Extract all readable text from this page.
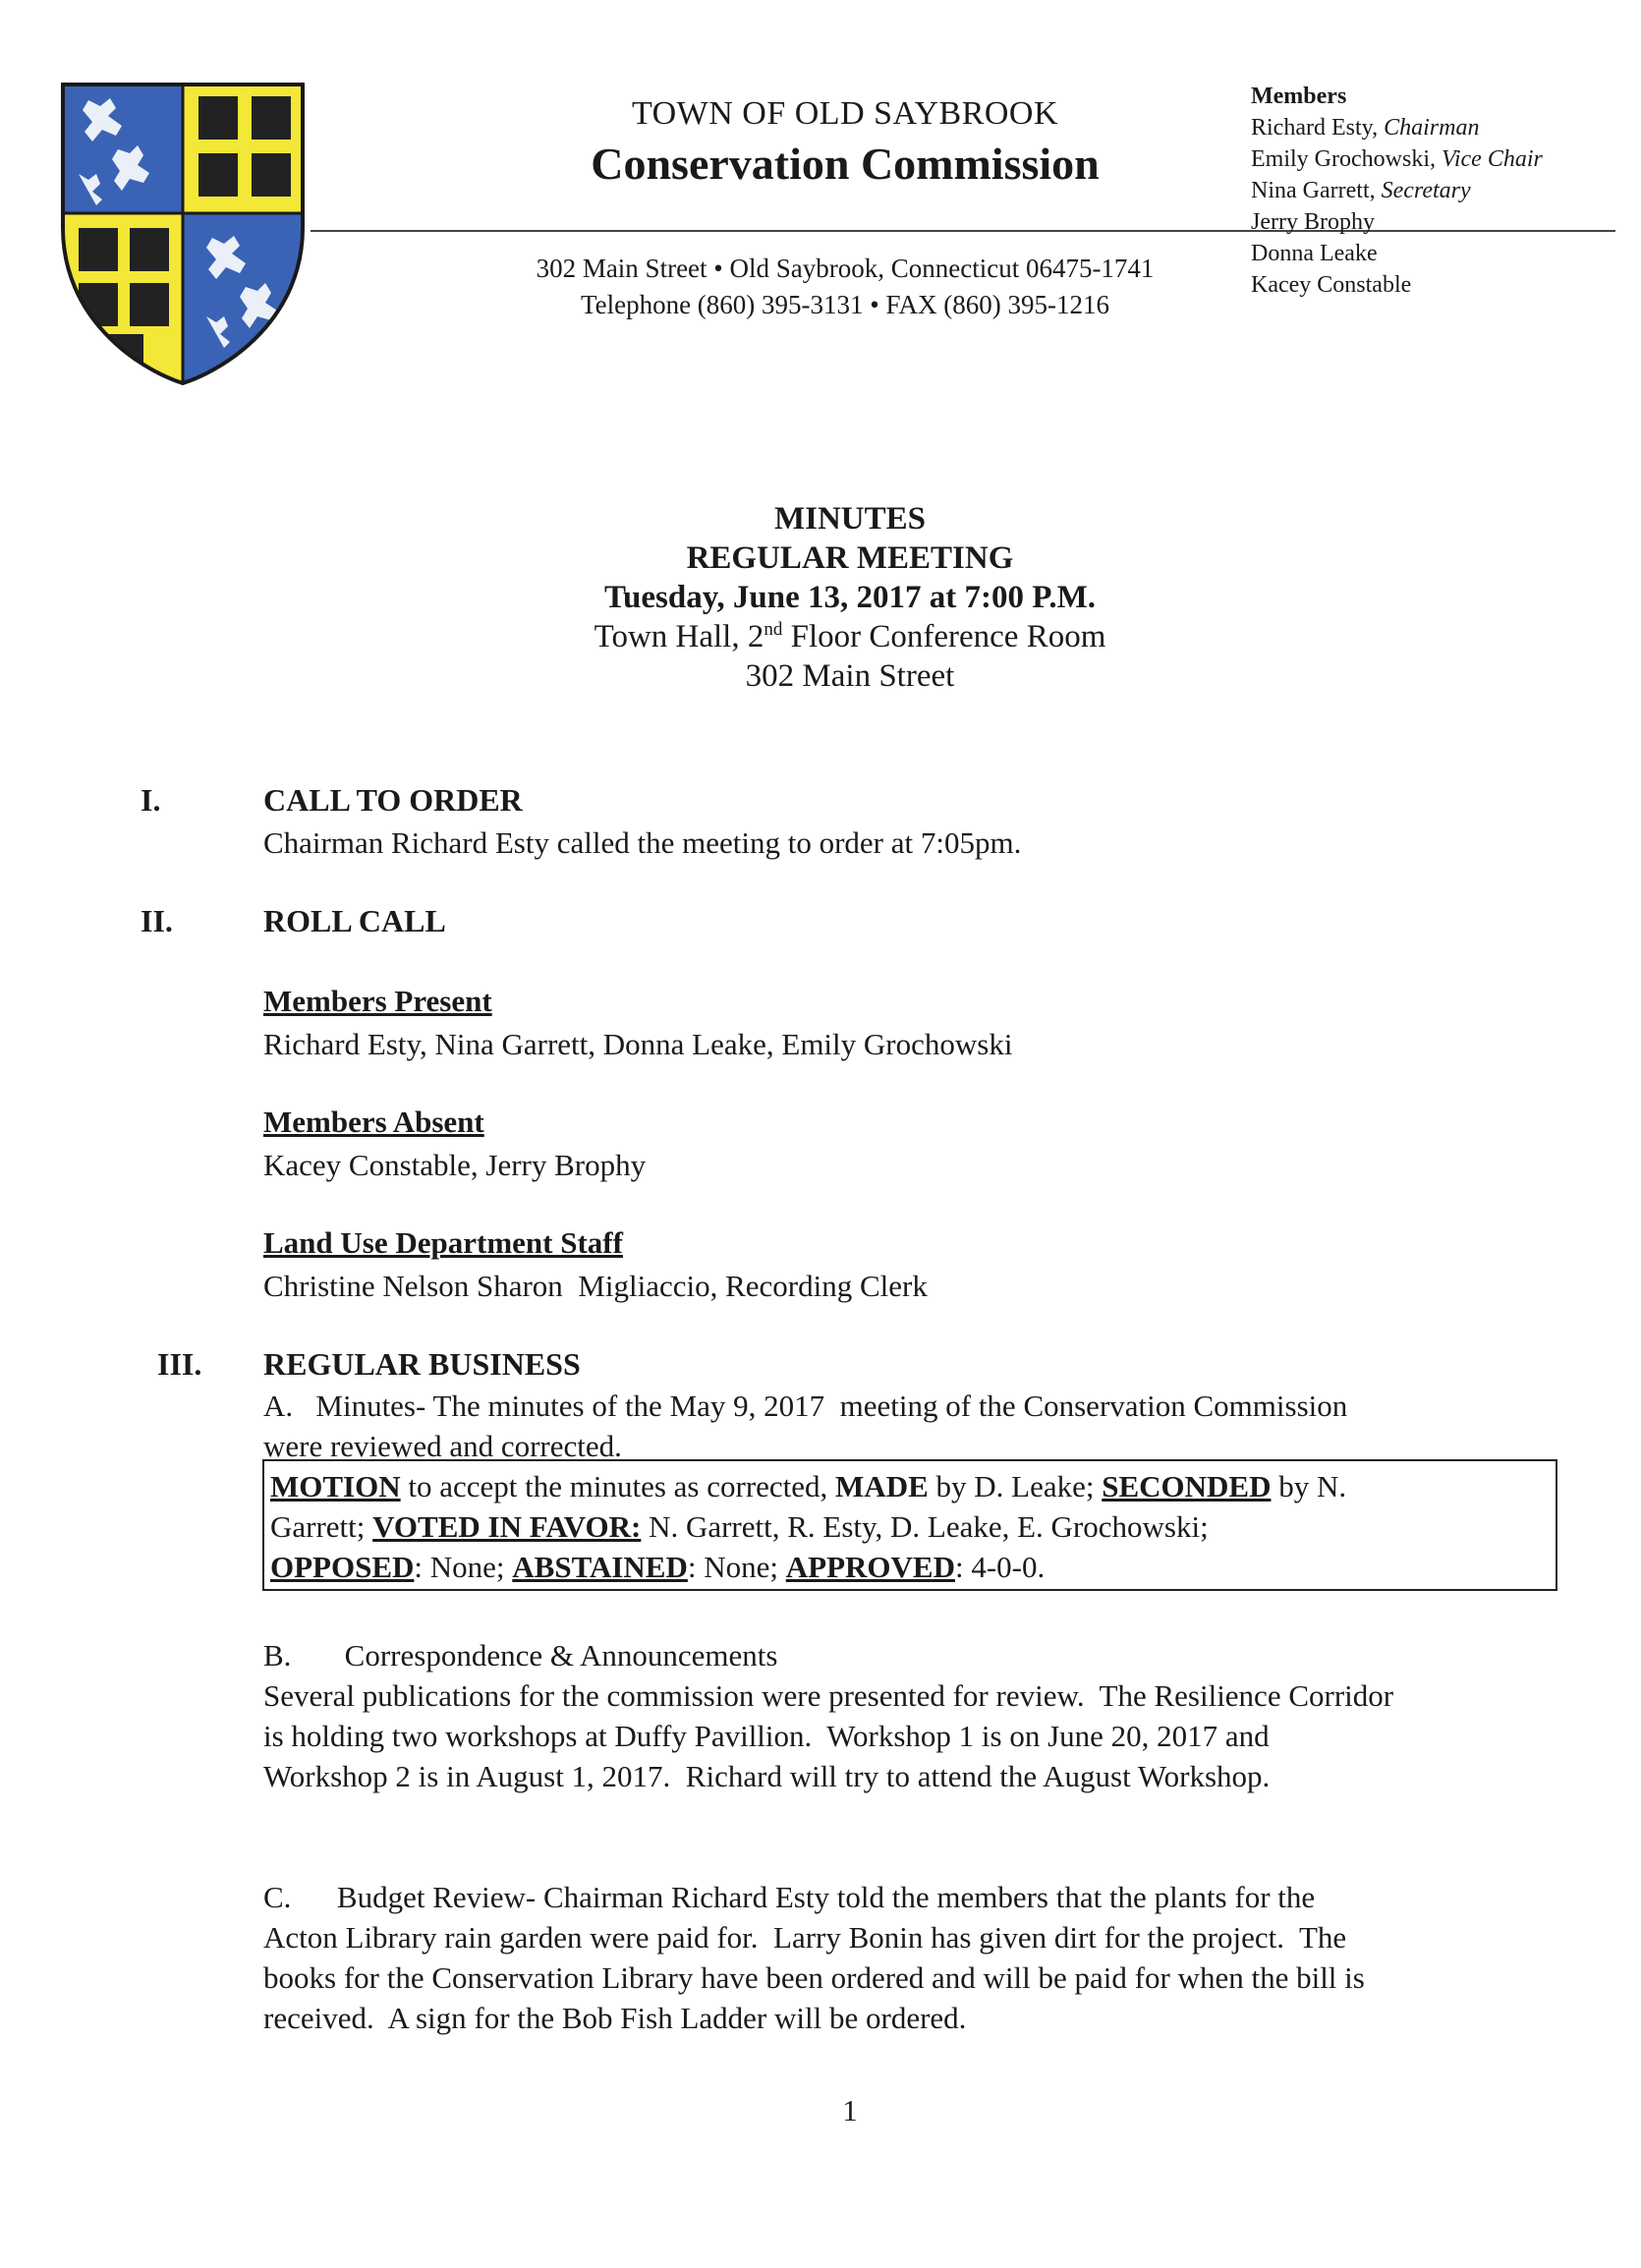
TOWN OF OLD SAYBROOK
Conservation Commission
302 Main Street • Old Saybrook, Connecticut 06475-1741
Telephone (860) 395-3131 • FAX (860) 395-1216
Members
Richard Esty, Chairman
Emily Grochowski, Vice Chair
Nina Garrett, Secretary
Jerry Brophy
Donna Leake
Kacey Constable
MINUTES
REGULAR MEETING
Tuesday, June 13, 2017 at 7:00 P.M.
Town Hall, 2nd Floor Conference Room
302 Main Street
I.	CALL TO ORDER
Chairman Richard Esty called the meeting to order at 7:05pm.
II.	ROLL CALL
Members Present
Richard Esty, Nina Garrett, Donna Leake, Emily Grochowski
Members Absent
Kacey Constable, Jerry Brophy
Land Use Department Staff
Christine Nelson Sharon  Migliaccio, Recording Clerk
III. REGULAR BUSINESS
A.   Minutes- The minutes of the May 9, 2017  meeting of the Conservation Commission
were reviewed and corrected.
MOTION to accept the minutes as corrected, MADE by D. Leake; SECONDED by N.
Garrett; VOTED IN FAVOR: N. Garrett, R. Esty, D. Leake, E. Grochowski;
OPPOSED: None; ABSTAINED: None; APPROVED: 4-0-0.
B.       Correspondence & Announcements
Several publications for the commission were presented for review.  The Resilience Corridor
is holding two workshops at Duffy Pavillion.  Workshop 1 is on June 20, 2017 and
Workshop 2 is in August 1, 2017.  Richard will try to attend the August Workshop.
C.      Budget Review- Chairman Richard Esty told the members that the plants for the
Acton Library rain garden were paid for.  Larry Bonin has given dirt for the project.  The
books for the Conservation Library have been ordered and will be paid for when the bill is
received.  A sign for the Bob Fish Ladder will be ordered.
1
